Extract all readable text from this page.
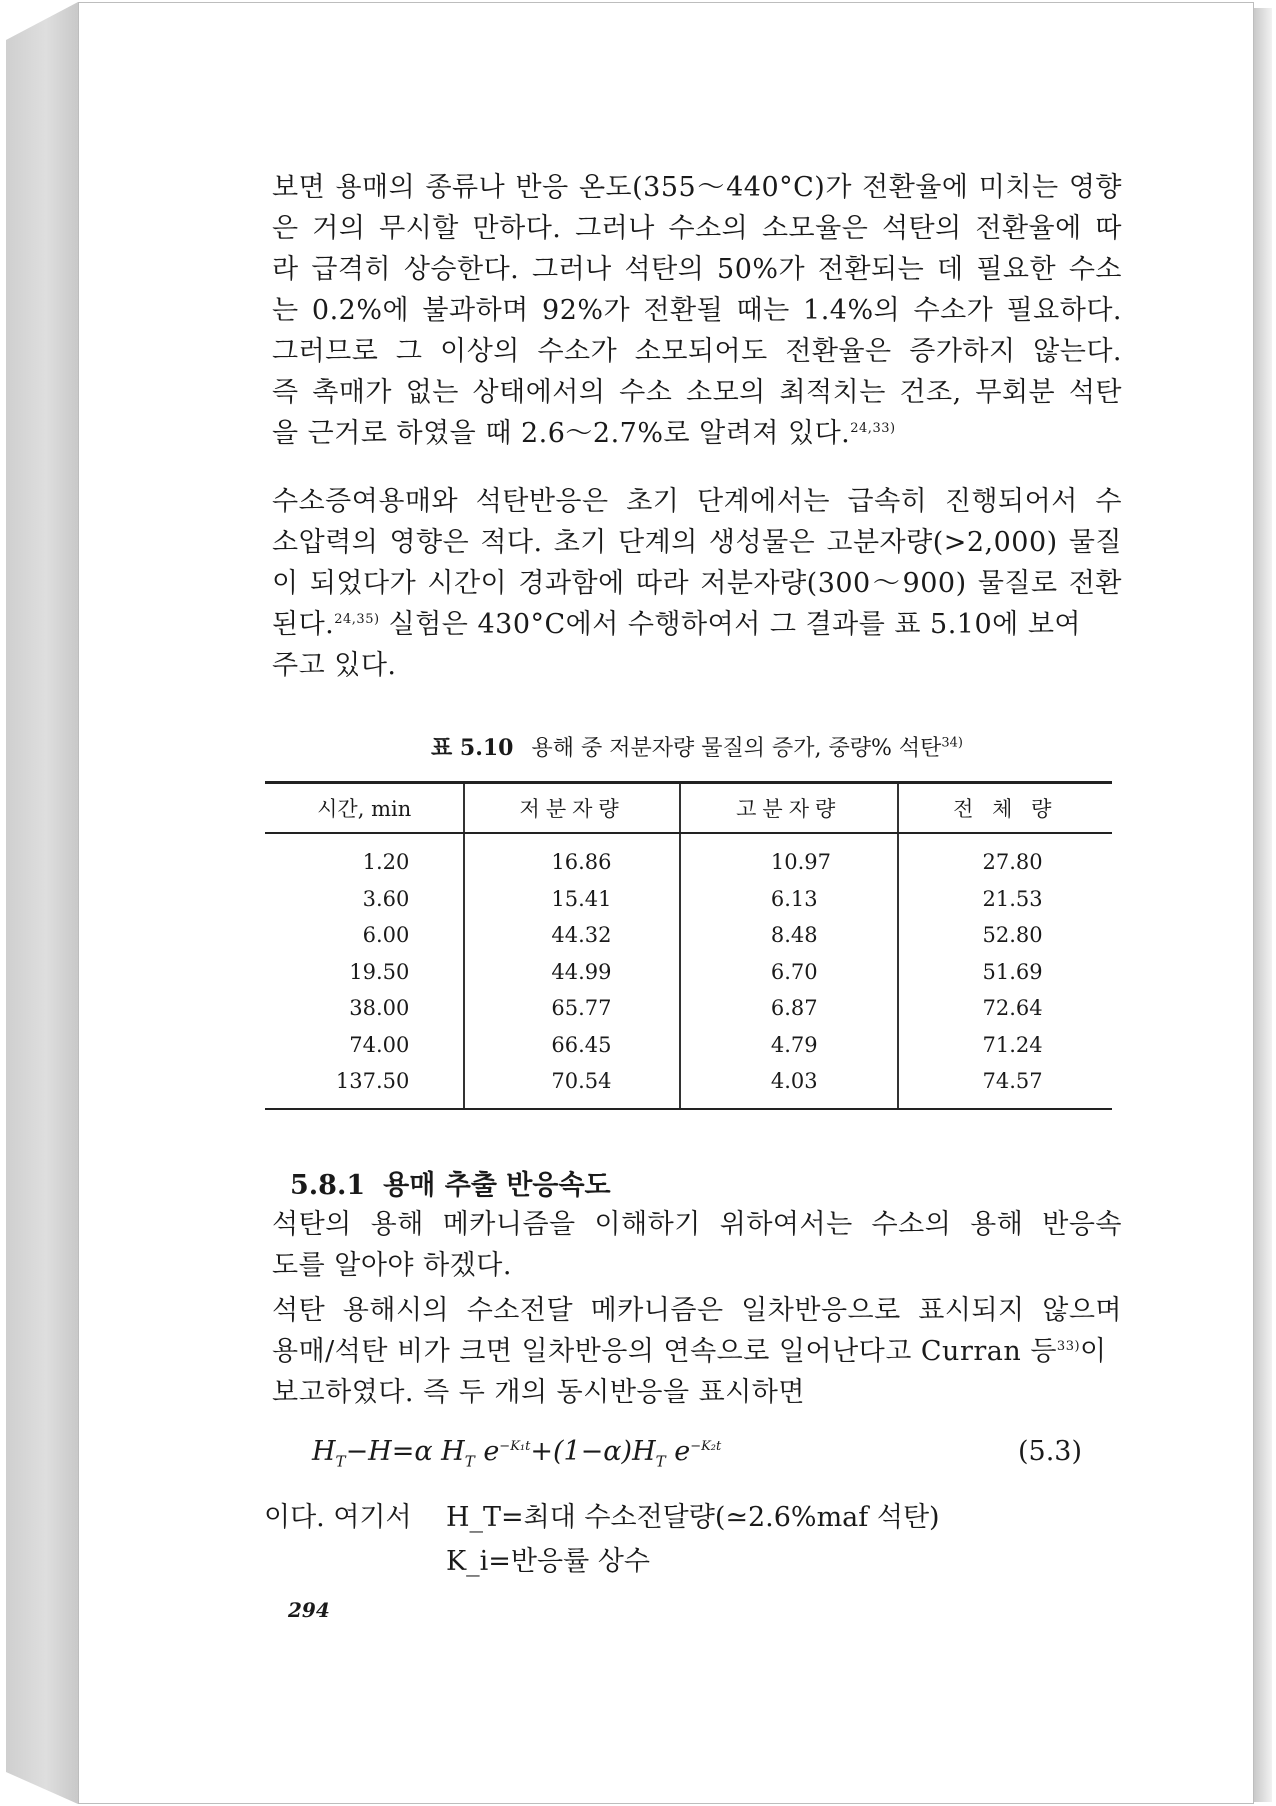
보면 용매의 종류나 반응 온도(355～440°C)가 전환율에 미치는 영향
은 거의 무시할 만하다. 그러나 수소의 소모율은 석탄의 전환율에 따
라 급격히 상승한다. 그러나 석탄의 50%가 전환되는 데 필요한 수소
는 0.2%에 불과하며 92%가 전환될 때는 1.4%의 수소가 필요하다.
그러므로 그 이상의 수소가 소모되어도 전환율은 증가하지 않는다.
즉 촉매가 없는 상태에서의 수소 소모의 최적치는 건조, 무회분 석탄
을 근거로 하였을 때 2.6～2.7%로 알려져 있다.$^{24,33)}$
수소증여용매와 석탄반응은 초기 단계에서는 급속히 진행되어서 수
소압력의 영향은 적다. 초기 단계의 생성물은 고분자량(>2,000) 물질
이 되었다가 시간이 경과함에 따라 저분자량(300～900) 물질로 전환
된다.$^{24,35)}$ 실험은 430°C에서 수행하여서 그 결과를 표 5.10에 보여
주고 있다.
표 5.10 용해 중 저분자량 물질의 증가, 중량% 석탄$^{34)}$
시간, min	저분자량	고분자량	전 체 량
1.20	16.86	10.97	27.80
3.60	15.41	6.13	21.53
6.00	44.32	8.48	52.80
19.50	44.99	6.70	51.69
38.00	65.77	6.87	72.64
74.00	66.45	4.79	71.24
137.50	70.54	4.03	74.57
5.8.1 용매 추출 반응속도
석탄의 용해 메카니즘을 이해하기 위하여서는 수소의 용해 반응속
도를 알아야 하겠다.
석탄 용해시의 수소전달 메카니즘은 일차반응으로 표시되지 않으며
용매/석탄 비가 크면 일차반응의 연속으로 일어난다고 Curran 등$^{33)}$이
보고하였다. 즉 두 개의 동시반응을 표시하면
$H_T-H=\alpha$ $H_T$ $e^{-K_1t}+(1-\alpha)H_T$ $e^{-K_2t}$	(5.3)
이다. 여기서 H_T=최대 수소전달량(≃2.6%maf 석탄)
K_i=반응률 상수
294
